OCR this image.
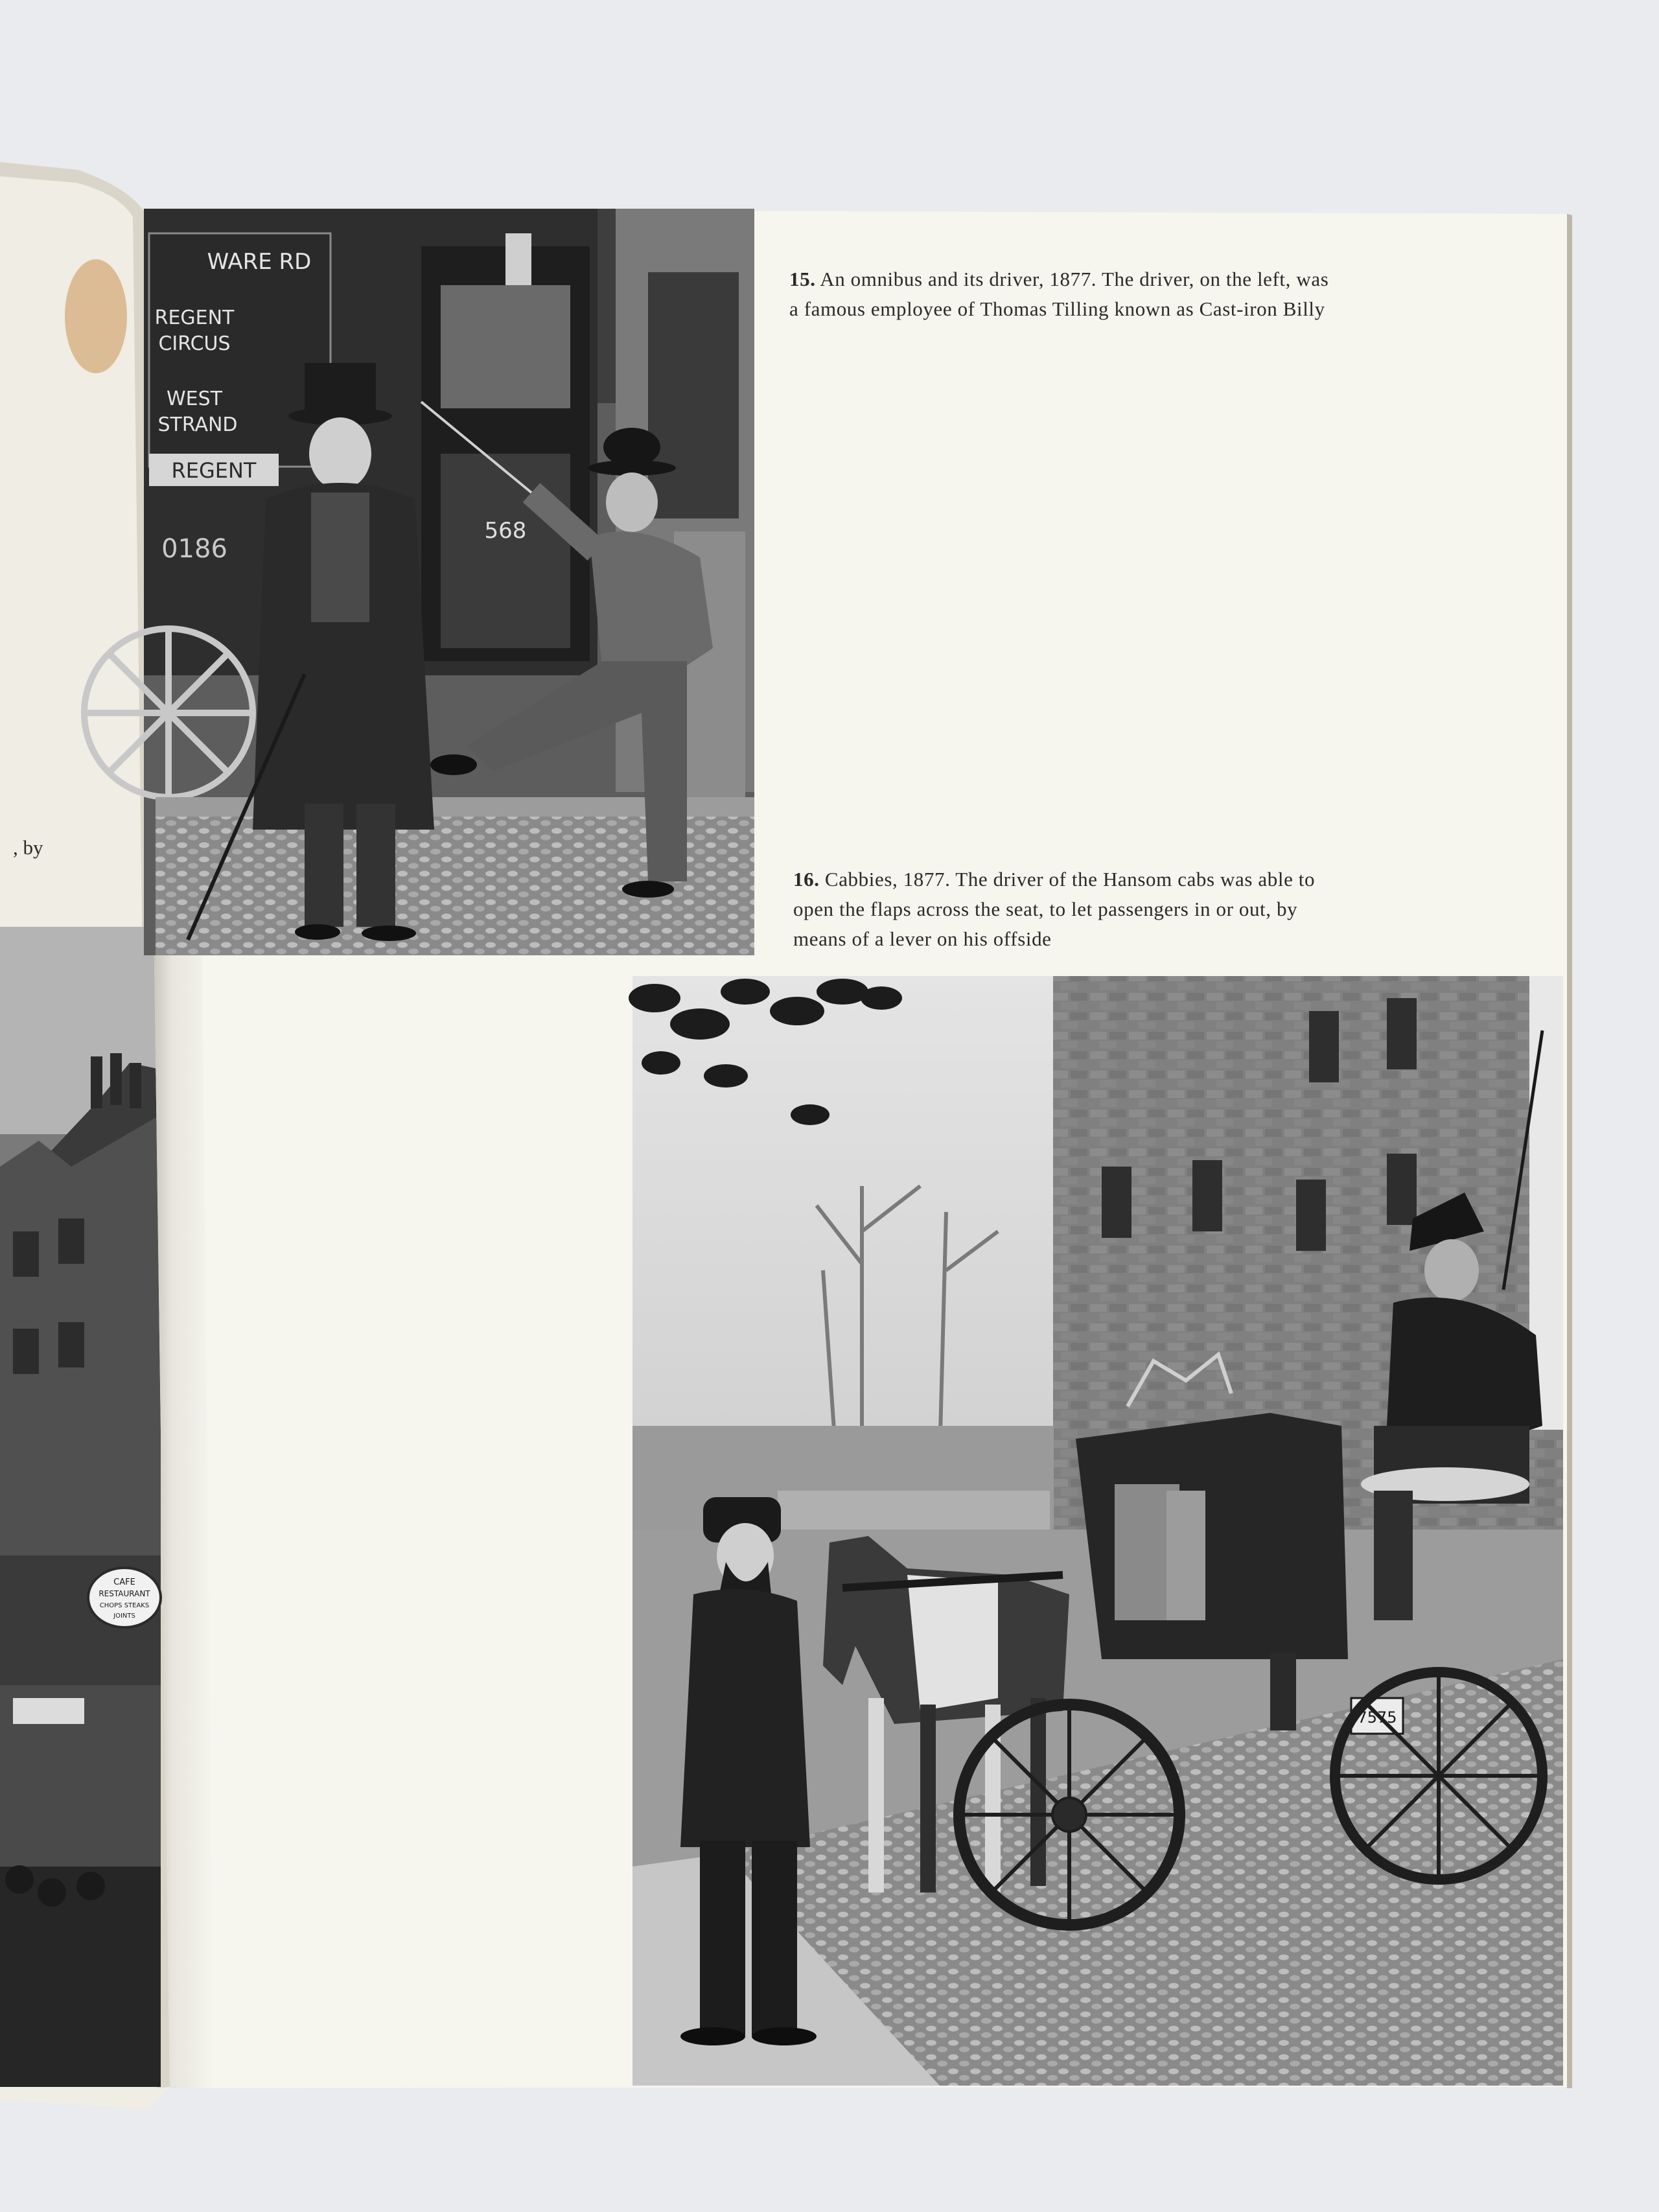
CAFE
RESTAURANT
CHOPS STEAKS
JOINTS
WARE RD
REGENT
CIRCUS
WEST
STRAND
REGENT
0186
568
7575
15. An omnibus and its driver, 1877. The driver, on the left, was
a famous employee of Thomas Tilling known as Cast-iron Billy
16. Cabbies, 1877. The driver of the Hansom cabs was able to
open the flaps across the seat, to let passengers in or out, by
means of a lever on his offside
, by
